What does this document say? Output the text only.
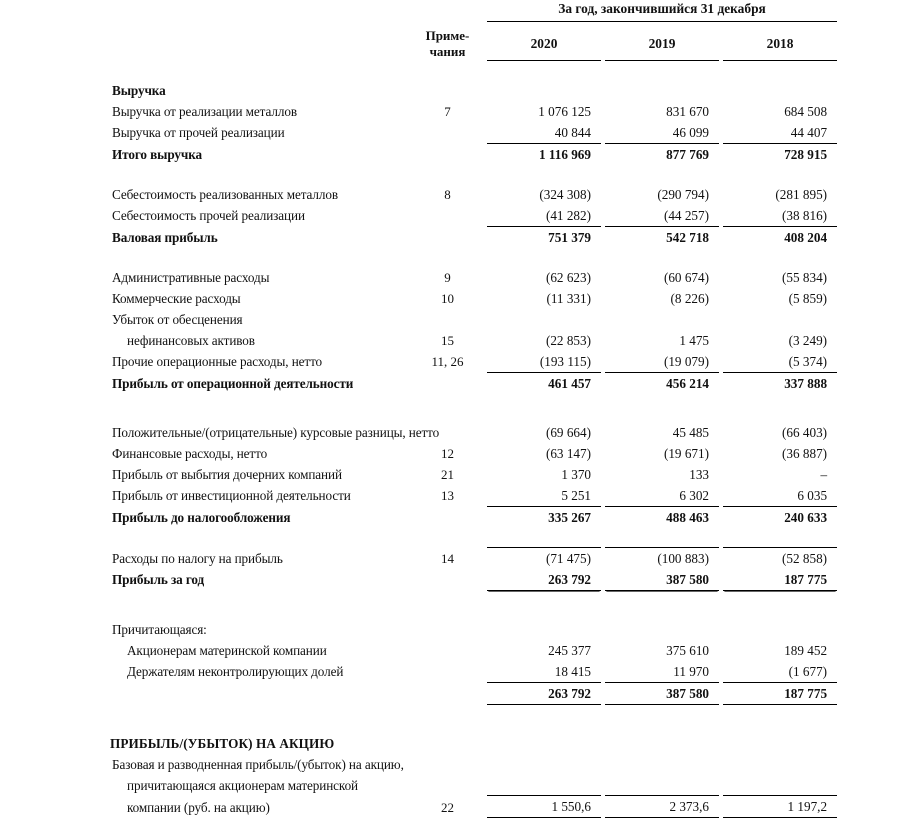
			За год, закончившийся 31 декабря					

		Приме-
чания	2020		2019		2018	

Выручка								
Выручка от реализации металлов		7	1 076 125		831 670		684 508	
Выручка от прочей реализации			40 844		46 099		44 407	
Итого выручка			1 116 969		877 769		728 915	

Себестоимость реализованных металлов		8	(324 308)		(290 794)		(281 895)	
Себестоимость прочей реализации			(41 282)		(44 257)		(38 816)	
Валовая прибыль			751 379		542 718		408 204	

Административные расходы		9	(62 623)		(60 674)		(55 834)	
Коммерческие расходы		10	(11 331)		(8 226)		(5 859)	
Убыток от обесценения								
нефинансовых активов		15	(22 853)		1 475		(3 249)	
Прочие операционные расходы, нетто		11, 26	(193 115)		(19 079)		(5 374)	
Прибыль от операционной деятельности			461 457		456 214		337 888	

Положительные/(отрицательные) курсовые разницы, нетто			(69 664)		45 485		(66 403)	
Финансовые расходы, нетто		12	(63 147)		(19 671)		(36 887)	
Прибыль от выбытия дочерних компаний		21	1 370		133		–	
Прибыль от инвестиционной деятельности		13	5 251		6 302		6 035	
Прибыль до налогообложения			335 267		488 463		240 633	

Расходы по налогу на прибыль		14	(71 475)		(100 883)		(52 858)	
Прибыль за год			263 792		387 580		187 775	

Причитающаяся:								
Акционерам материнской компании			245 377		375 610		189 452	
Держателям неконтролирующих долей			18 415		11 970		(1 677)	
			263 792		387 580		187 775	

ПРИБЫЛЬ/(УБЫТОК) НА АКЦИЮ								
Базовая и разводненная прибыль/(убыток) на акцию,								
причитающаяся акционерам материнской								
компании (руб. на акцию)		22	1 550,6		2 373,6		1 197,2	
